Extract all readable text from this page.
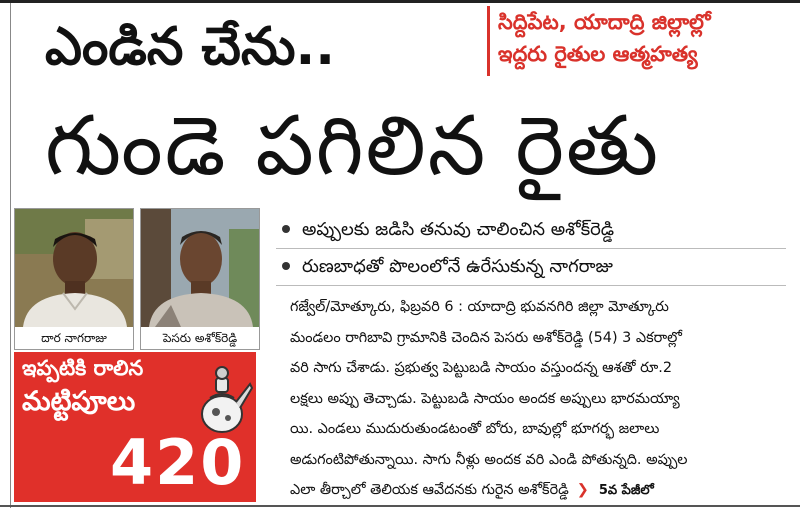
ఎండిన చేను..	సిద్దిపేట, యాదాద్రి జిల్లాల్లో
ఇద్దరు రైతుల ఆత్మహత్య
గుండె పగిలిన రైతు
దార నాగరాజు	పెసరు అశోక్‌రెడ్డి
ఇప్పటికి రాలిన
మట్టిపూలు
420
అప్పులకు జడిసి తనువు చాలించిన అశోక్‌రెడ్డి
రుణబాధతో పొలంలోనే ఉరేసుకున్న నాగరాజు
గజ్వేల్/మోత్కూరు, ఫిబ్రవరి 6 : యాదాద్రి భువనగిరి జిల్లా మోత్కూరు
మండలం రాగిబావి గ్రామానికి చెందిన పెసరు అశోక్‌రెడ్డి (54) 3 ఎకరాల్లో
వరి సాగు చేశాడు. ప్రభుత్వ పెట్టుబడి సాయం వస్తుందన్న ఆశతో రూ.2
లక్షలు అప్పు తెచ్చాడు. పెట్టుబడి సాయం అందక అప్పులు భారమయ్యా
యి. ఎండలు ముదురుతుండటంతో బోరు, బావుల్లో భూగర్భ జలాలు
అడుగంటిపోతున్నాయి. సాగు నీళ్లు అందక వరి ఎండి పోతున్నది. అప్పుల
ఎలా తీర్చాలో తెలియక ఆవేదనకు గురైన అశోక్‌రెడ్డి ❯ 5వ పేజీలో
